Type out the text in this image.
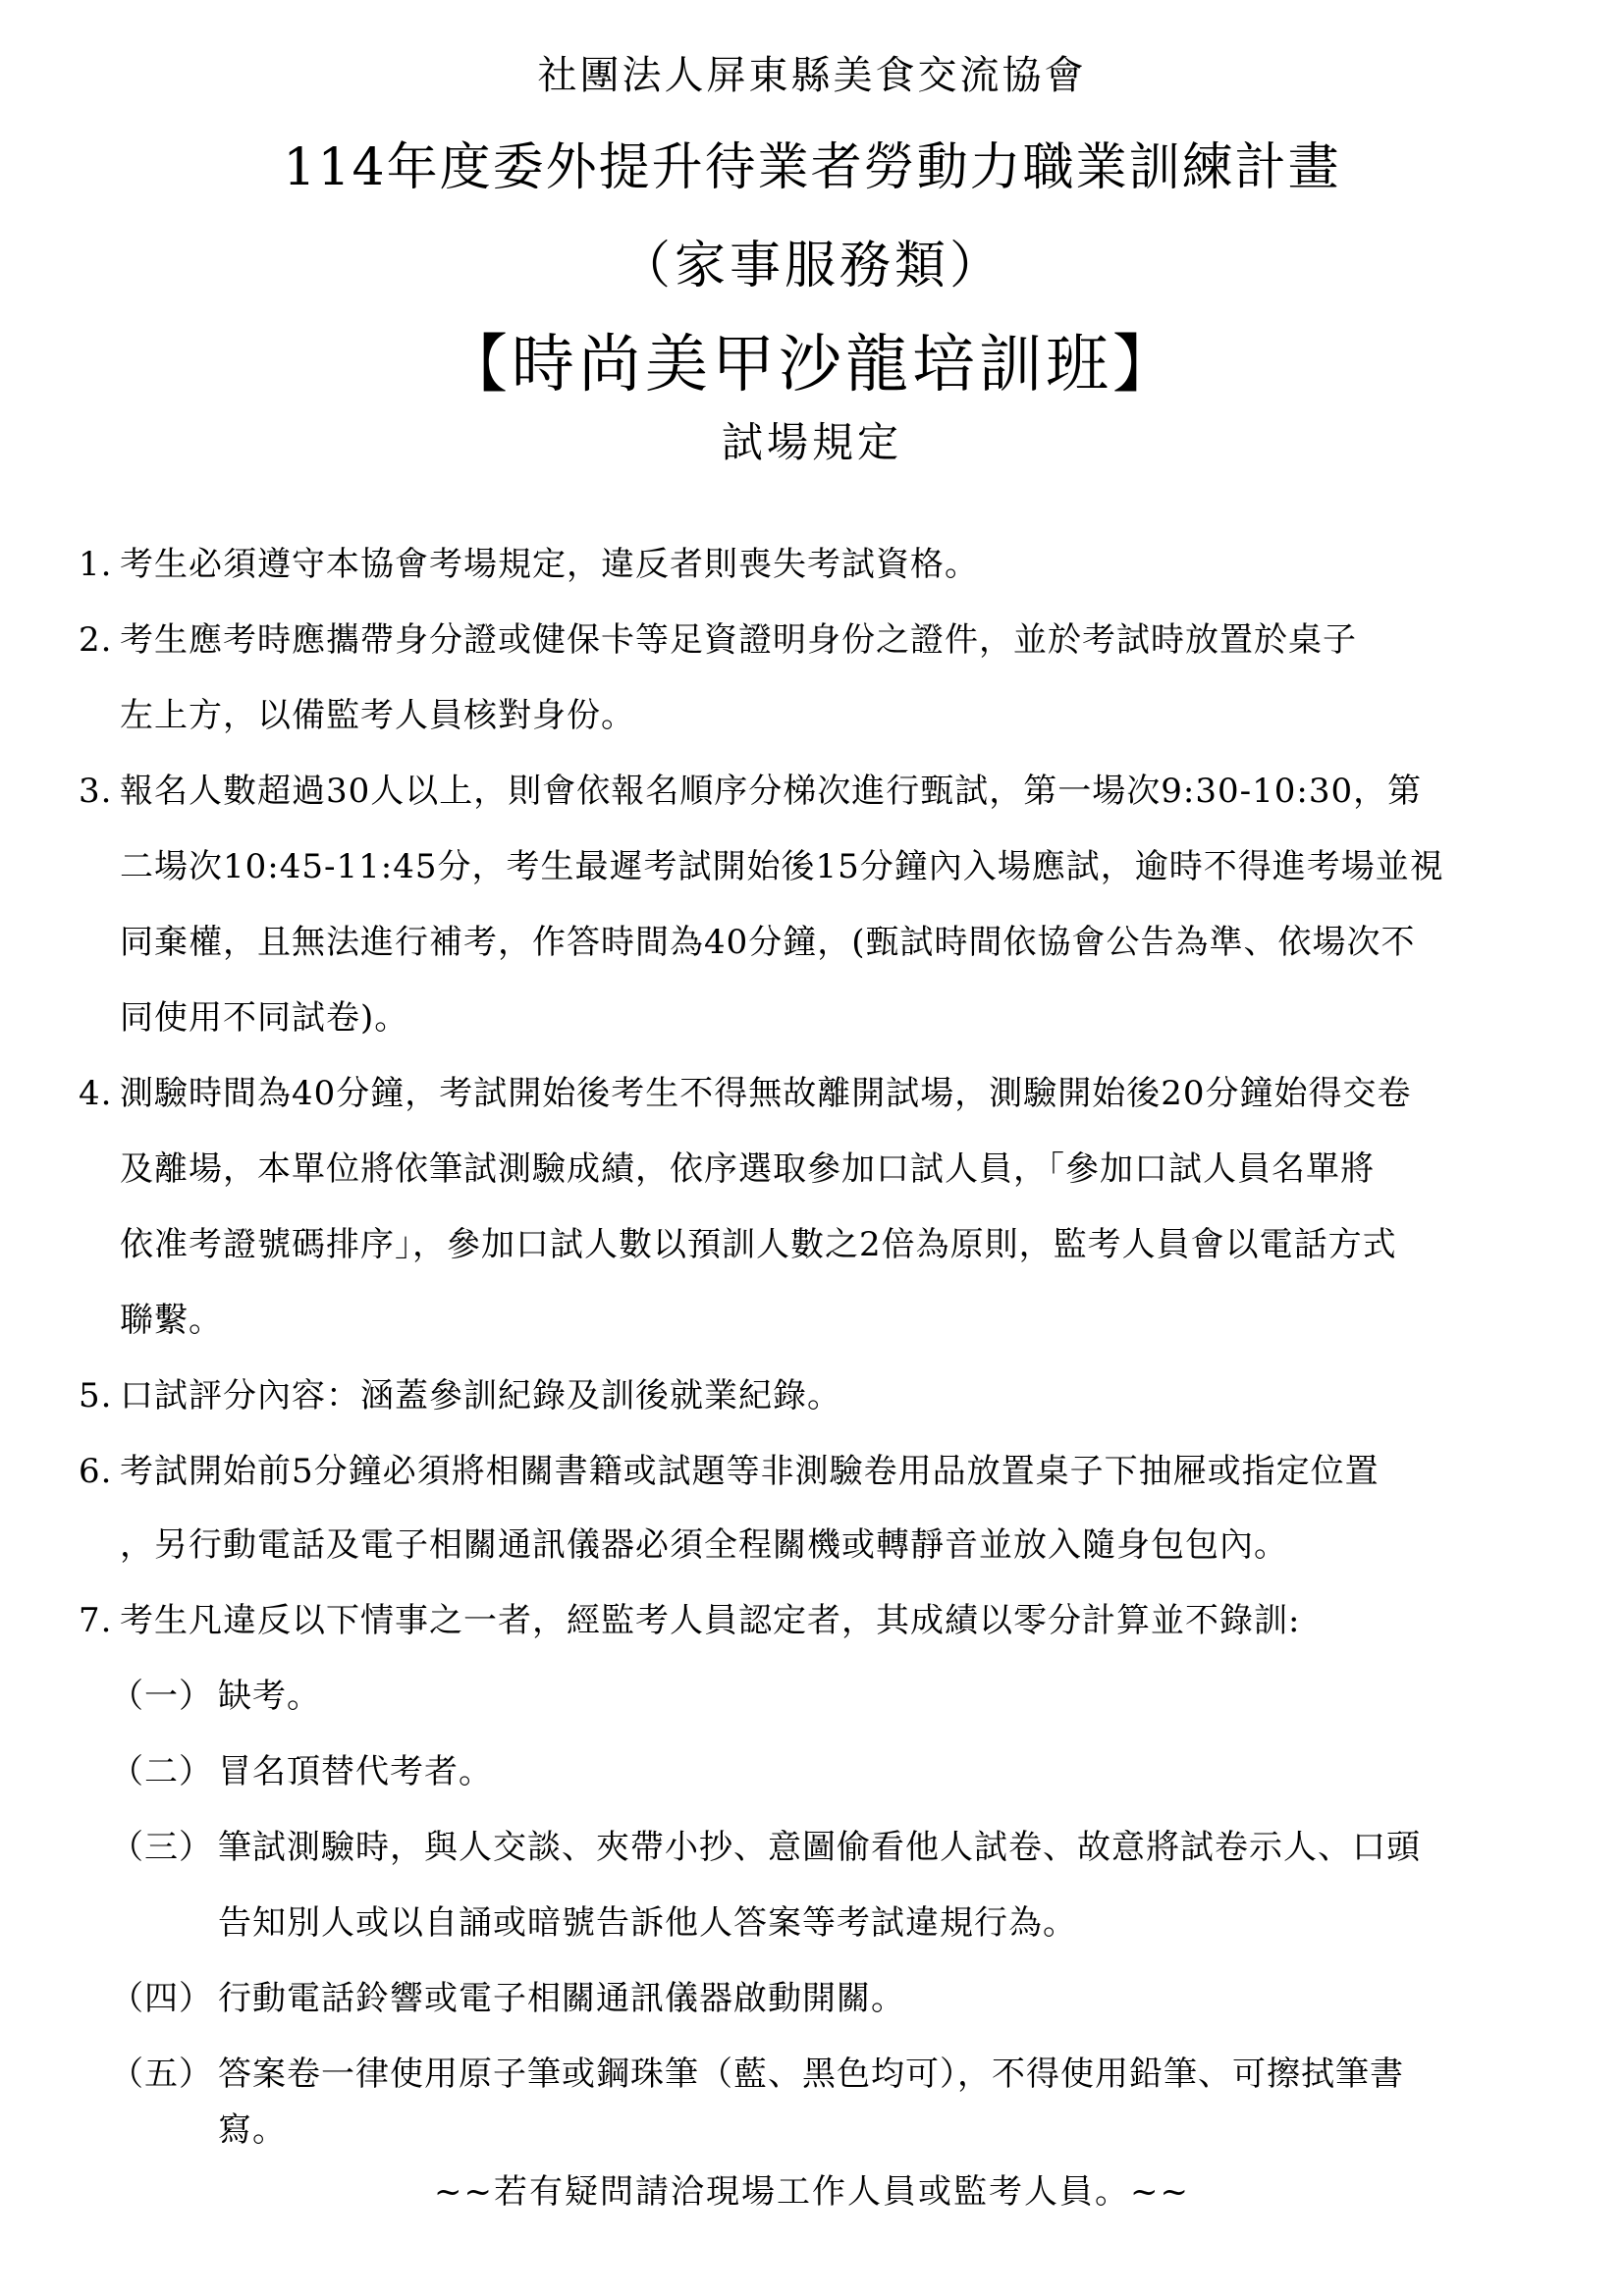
社團法人屏東縣美食交流協會
114年度委外提升待業者勞動力職業訓練計畫
（家事服務類）
【時尚美甲沙龍培訓班】
試場規定
1. 考生必須遵守本協會考場規定，違反者則喪失考試資格。
2. 考生應考時應攜帶身分證或健保卡等足資證明身份之證件，並於考試時放置於桌子
左上方，以備監考人員核對身份。
3. 報名人數超過30人以上，則會依報名順序分梯次進行甄試，第一場次9:30-10:30，第
二場次10:45-11:45分，考生最遲考試開始後15分鐘內入場應試，逾時不得進考場並視
同棄權，且無法進行補考，作答時間為40分鐘，(甄試時間依協會公告為準、依場次不
同使用不同試卷)。
4. 測驗時間為40分鐘，考試開始後考生不得無故離開試場，測驗開始後20分鐘始得交卷
及離場，本單位將依筆試測驗成績，依序選取參加口試人員，「參加口試人員名單將
依准考證號碼排序」，參加口試人數以預訓人數之2倍為原則，監考人員會以電話方式
聯繫。
5. 口試評分內容：涵蓋參訓紀錄及訓後就業紀錄。
6. 考試開始前5分鐘必須將相關書籍或試題等非測驗卷用品放置桌子下抽屜或指定位置
，另行動電話及電子相關通訊儀器必須全程關機或轉靜音並放入隨身包包內。
7. 考生凡違反以下情事之一者，經監考人員認定者，其成績以零分計算並不錄訓:
（一） 缺考。
（二） 冒名頂替代考者。
（三） 筆試測驗時，與人交談、夾帶小抄、意圖偷看他人試卷、故意將試卷示人、口頭
告知別人或以自誦或暗號告訴他人答案等考試違規行為。
（四） 行動電話鈴響或電子相關通訊儀器啟動開關。
（五） 答案卷一律使用原子筆或鋼珠筆（藍、黑色均可），不得使用鉛筆、可擦拭筆書
寫。
~~若有疑問請洽現場工作人員或監考人員。~~
